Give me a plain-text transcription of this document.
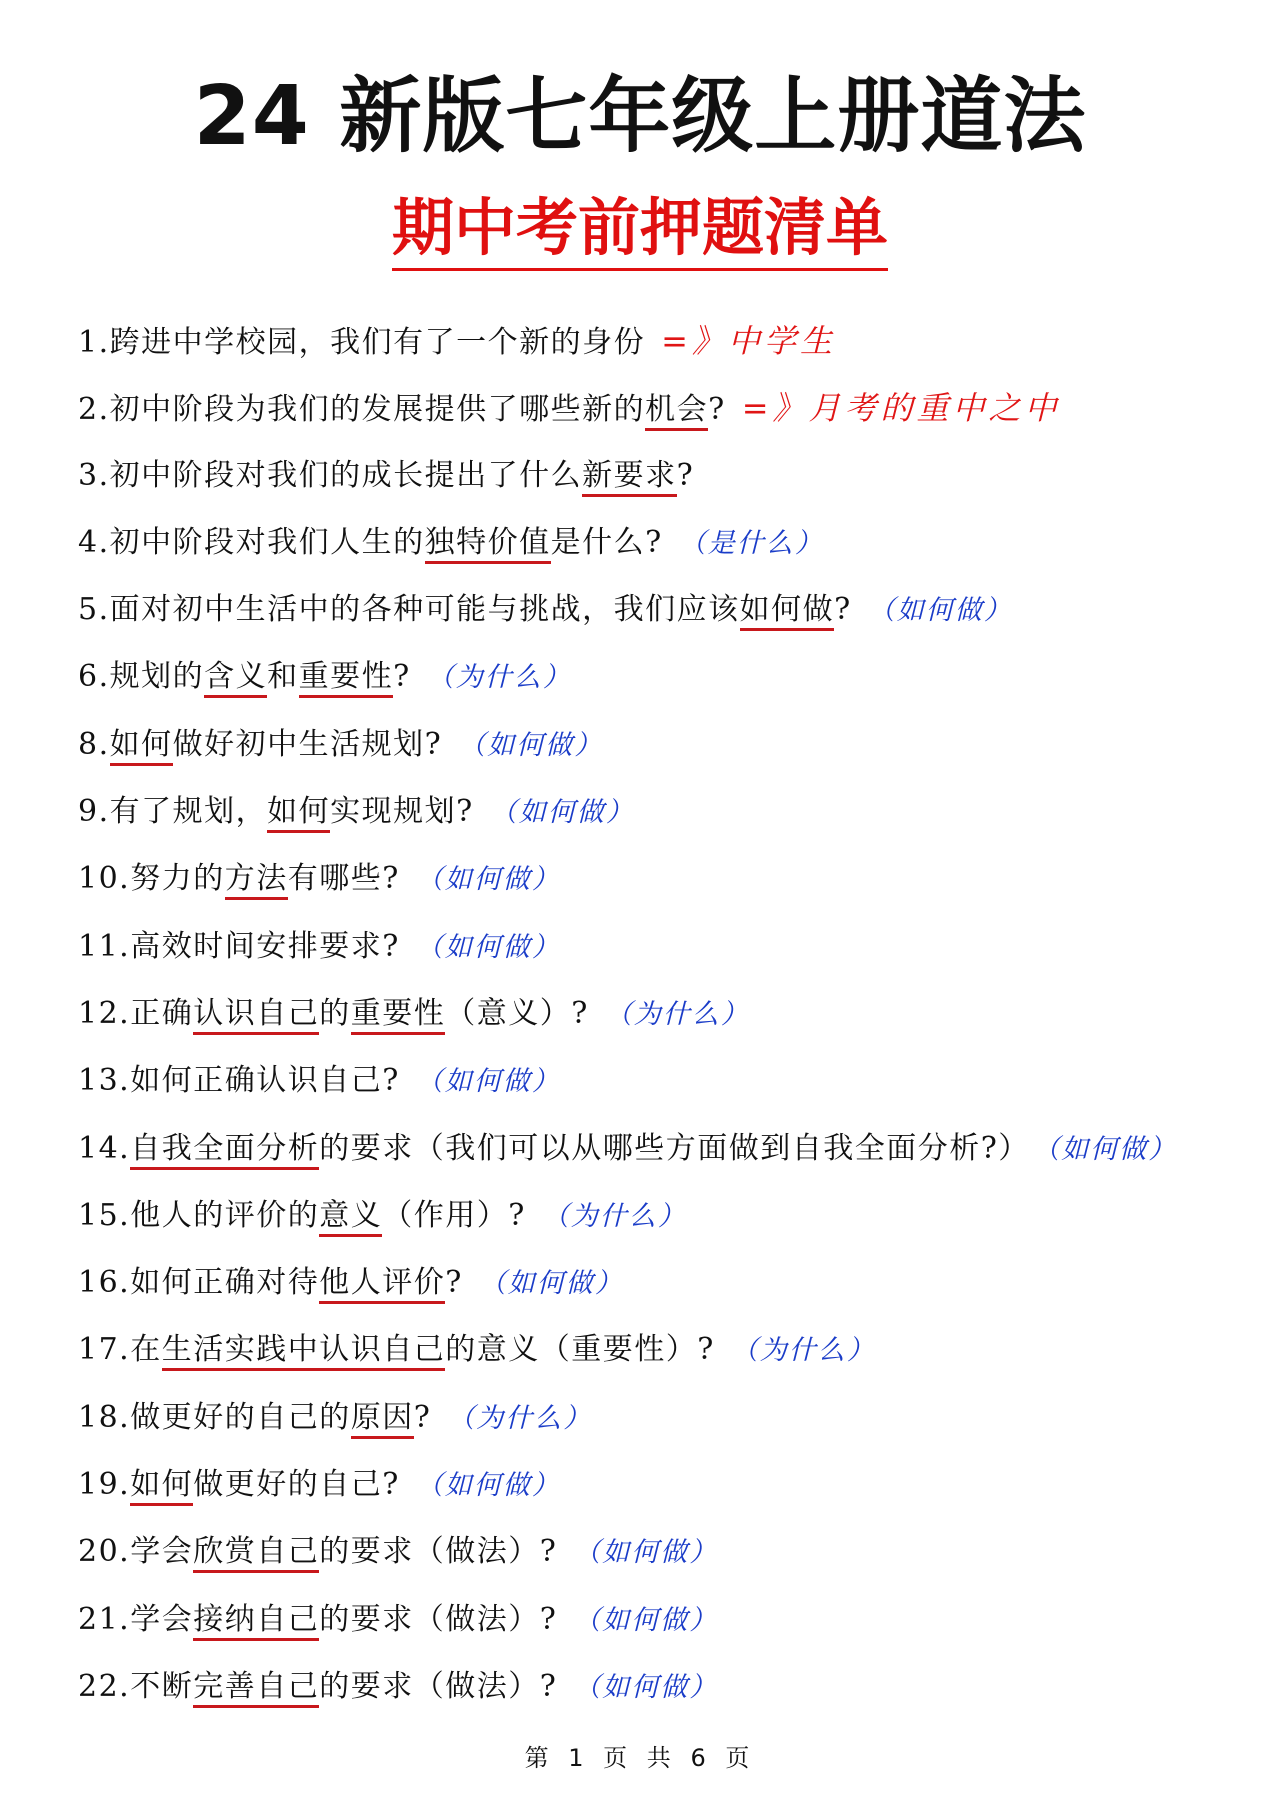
24 新版七年级上册道法
期中考前押题清单
1.跨进中学校园，我们有了一个新的身份 =》中学生
2.初中阶段为我们的发展提供了哪些新的机会? =》月考的重中之中
3.初中阶段对我们的成长提出了什么新要求?
4.初中阶段对我们人生的独特价值是什么? （是什么）
5.面对初中生活中的各种可能与挑战，我们应该如何做? （如何做）
6.规划的含义和重要性? （为什么）
8.如何做好初中生活规划? （如何做）
9.有了规划，如何实现规划? （如何做）
10.努力的方法有哪些? （如何做）
11.高效时间安排要求? （如何做）
12.正确认识自己的重要性（意义）? （为什么）
13.如何正确认识自己? （如何做）
14.自我全面分析的要求（我们可以从哪些方面做到自我全面分析?） （如何做）
15.他人的评价的意义（作用）? （为什么）
16.如何正确对待他人评价? （如何做）
17.在生活实践中认识自己的意义（重要性）? （为什么）
18.做更好的自己的原因? （为什么）
19.如何做更好的自己? （如何做）
20.学会欣赏自己的要求（做法）? （如何做）
21.学会接纳自己的要求（做法）? （如何做）
22.不断完善自己的要求（做法）? （如何做）
第 1 页 共 6 页
